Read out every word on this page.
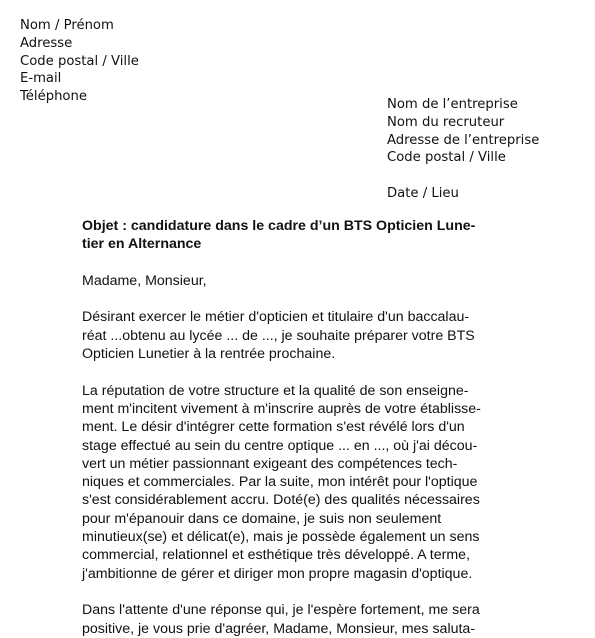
Nom / Prénom
Adresse
Code postal / Ville
E-mail
Téléphone
Nom de l’entreprise
Nom du recruteur
Adresse de l’entreprise
Code postal / Ville
Date / Lieu
Objet : candidature dans le cadre d’un BTS Opticien Lune-
tier en Alternance
Madame, Monsieur,
Désirant exercer le métier d'opticien et titulaire d'un baccalau-
réat ...obtenu au lycée ... de ..., je souhaite préparer votre BTS
Opticien Lunetier à la rentrée prochaine.
La réputation de votre structure et la qualité de son enseigne-
ment m'incitent vivement à m'inscrire auprès de votre établisse-
ment. Le désir d'intégrer cette formation s'est révélé lors d'un
stage effectué au sein du centre optique ... en ..., où j'ai décou-
vert un métier passionnant exigeant des compétences tech-
niques et commerciales. Par la suite, mon intérêt pour l'optique
s'est considérablement accru. Doté(e) des qualités nécessaires
pour m'épanouir dans ce domaine, je suis non seulement
minutieux(se) et délicat(e), mais je possède également un sens
commercial, relationnel et esthétique très développé. A terme,
j'ambitionne de gérer et diriger mon propre magasin d'optique.
Dans l'attente d'une réponse qui, je l'espère fortement, me sera
positive, je vous prie d'agréer, Madame, Monsieur, mes saluta-
